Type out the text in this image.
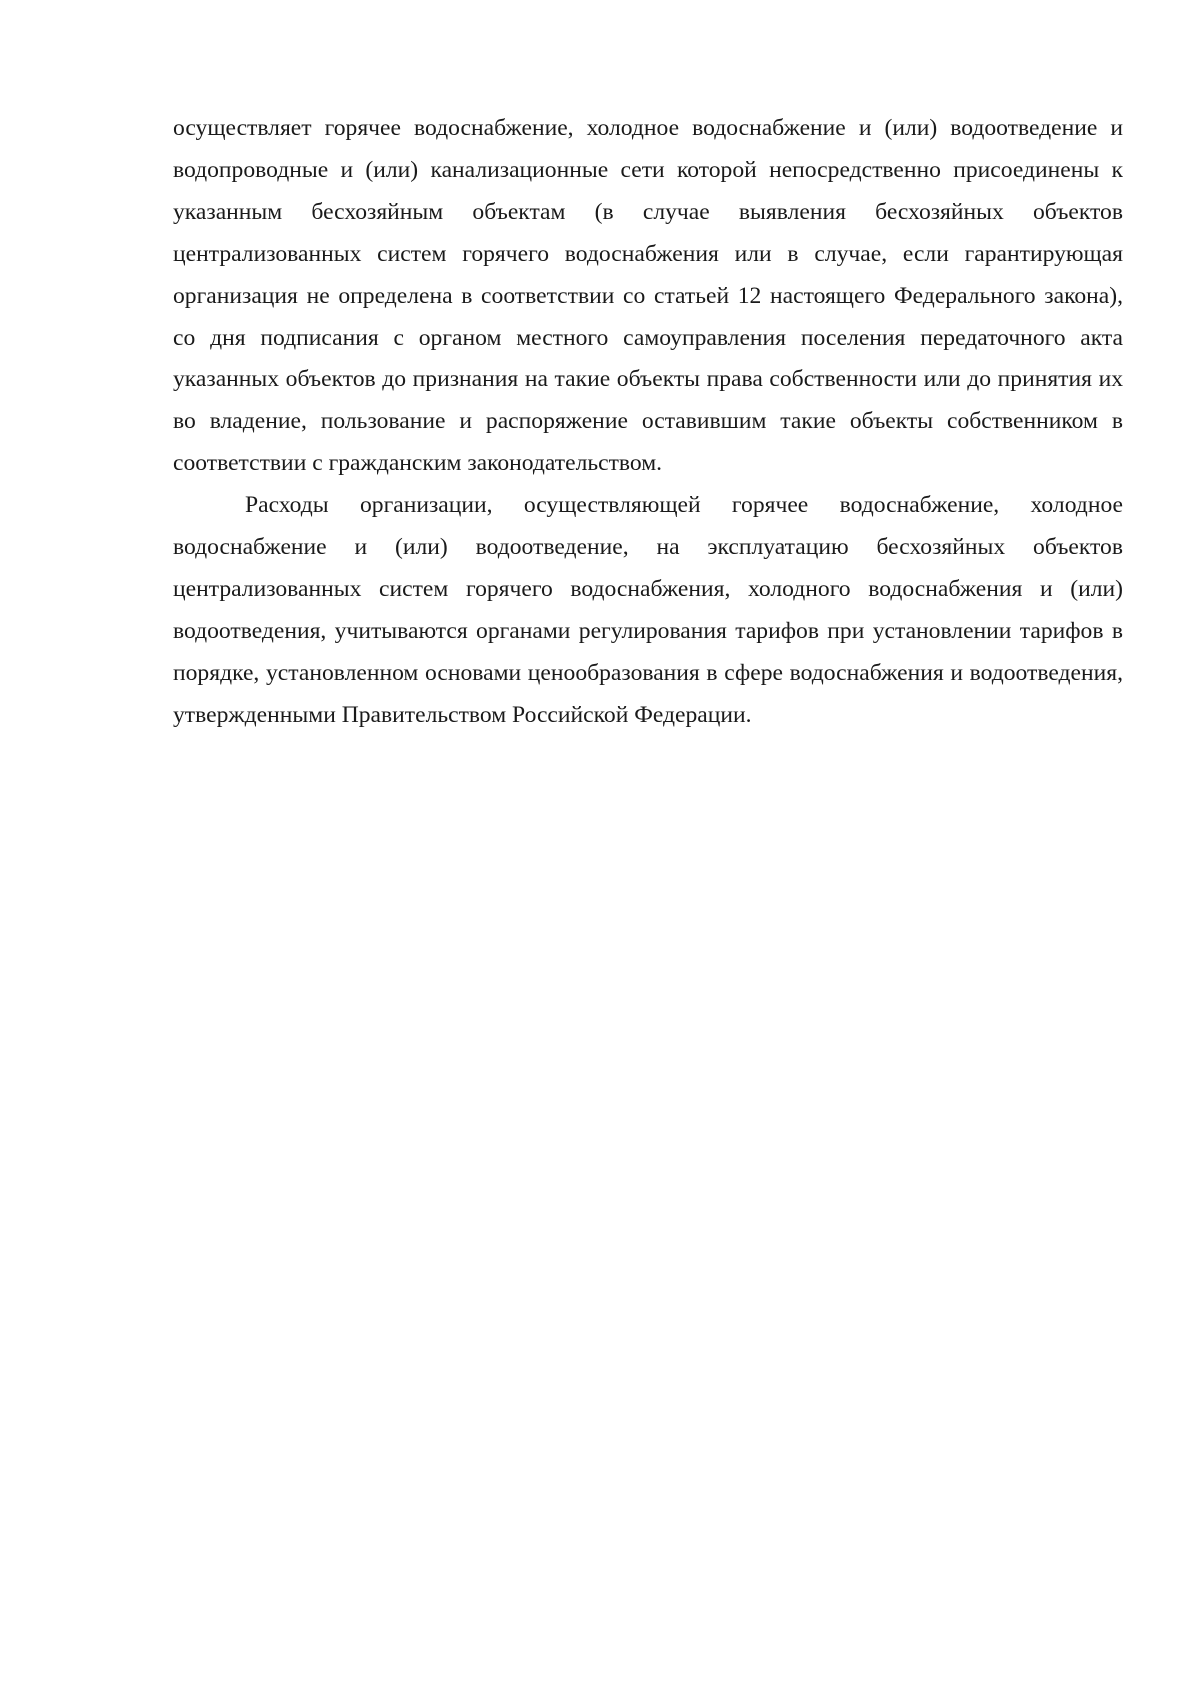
осуществляет горячее водоснабжение, холодное водоснабжение и (или) водоотведение и водопроводные и (или) канализационные сети которой непосредственно присоединены к указанным бесхозяйным объектам (в случае выявления бесхозяйных объектов централизованных систем горячего водоснабжения или в случае, если гарантирующая организация не определена в соответствии со статьей 12 настоящего Федерального закона), со дня подписания с органом местного самоуправления поселения передаточного акта указанных объектов до признания на такие объекты права собственности или до принятия их во владение, пользование и распоряжение оставившим такие объекты собственником в соответствии с гражданским законодательством.

Расходы организации, осуществляющей горячее водоснабжение, холодное водоснабжение и (или) водоотведение, на эксплуатацию бесхозяйных объектов централизованных систем горячего водоснабжения, холодного водоснабжения и (или) водоотведения, учитываются органами регулирования тарифов при установлении тарифов в порядке, установленном основами ценообразования в сфере водоснабжения и водоотведения, утвержденными Правительством Российской Федерации.
